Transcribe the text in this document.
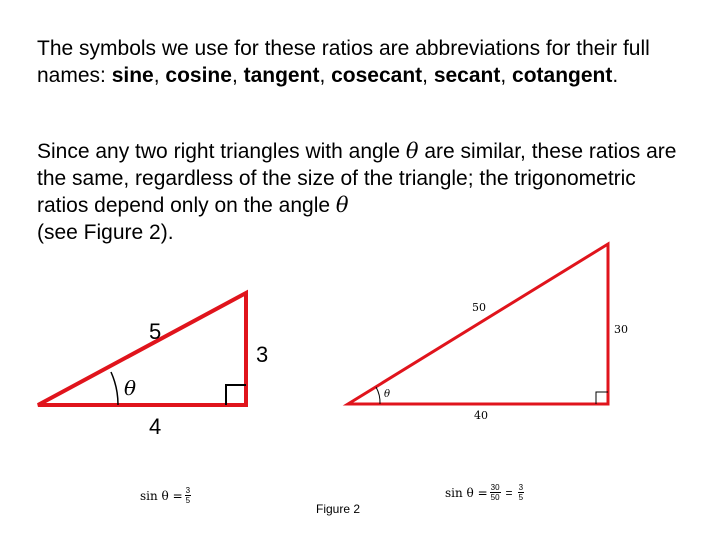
The symbols we use for these ratios are abbreviations for their full names: sine, cosine, tangent, cosecant, secant, cotangent.

Since any two right triangles with angle θ are similar, these ratios are the same, regardless of the size of the triangle; the trigonometric ratios depend only on the angle θ
(see Figure 2).

5
3
4
θ
50
30
40
θ
$\sin \theta = \frac{3}{5}$	$\sin \theta = \frac{30}{50} = \frac{3}{5}$
Figure 2
